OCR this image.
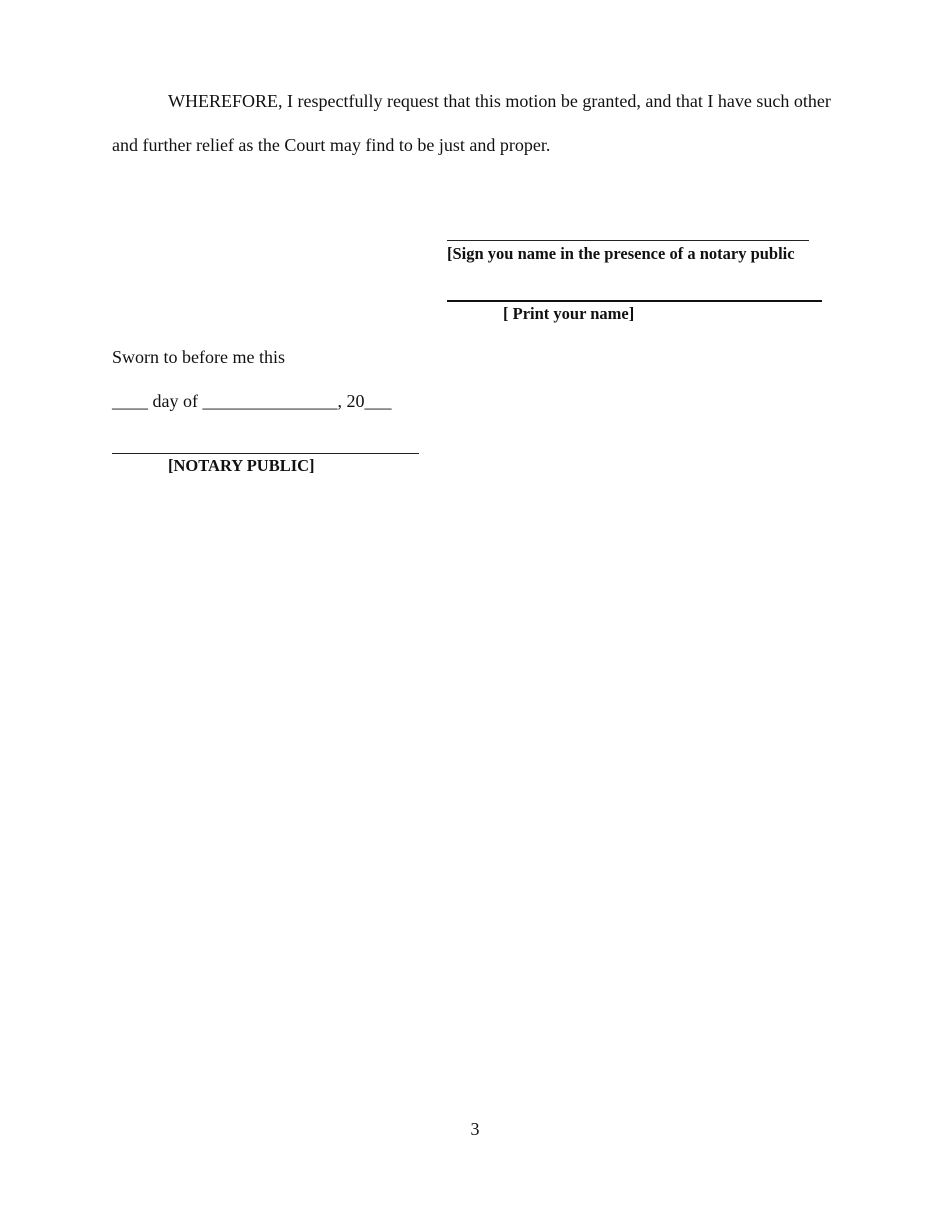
WHEREFORE, I respectfully request that this motion be granted, and that I have such other
and further relief as the Court may find to be just and proper.
[Sign you name in the presence of a notary public
[ Print your name]
Sworn to before me this
____ day of _______________, 20___
[NOTARY PUBLIC]
3
